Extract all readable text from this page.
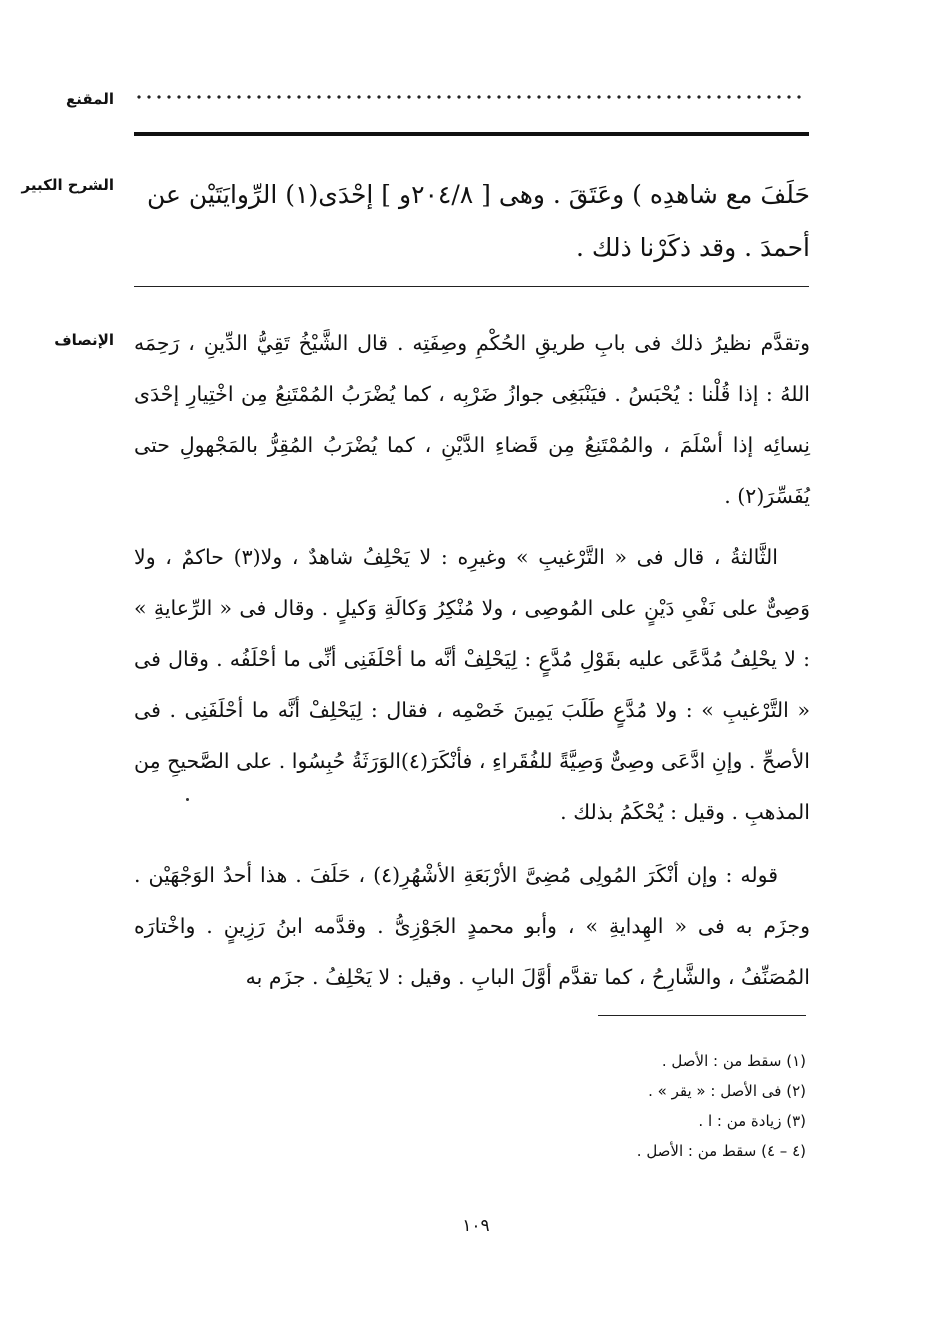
المقنع
الشرح الكبير	حَلَفَ مع شاهدِه ) وعَتَقَ . وهى [ ٢٠٤/٨و ] إحْدَى(١) الرِّوايَتَيْن عن
أحمدَ . وقد ذكَرْنا ذلك .
الإنصاف وتقدَّم نظيرُ ذلك فى بابِ طريقِ الحُكْمِ وصِفَتِه . قال الشَّيْخُ تَقِيُّ الدِّينِ ، رَحِمَه اللهُ : إذا قُلْنا : يُحْبَسُ . فيَنْبَغِى جوازُ ضَرْبِه ، كما يُضْرَبُ المُمْتَنِعُ مِن اخْتِيارِ إحْدَى نِسائِه إذا أسْلَمَ ، والمُمْتَنِعُ مِن قَضاءِ الدَّيْنِ ، كما يُضْرَبُ المُقِرُّ بالمَجْهولِ حتى يُفَسِّرَ(٢) .

الثَّالثةُ ، قال فى « التَّرْغيبِ » وغيرِه : لا يَحْلِفُ شاهدٌ ، ولا(٣) حاكمٌ ، ولا وَصِىٌّ على نَفْىِ دَيْنٍ على المُوصِى ، ولا مُنْكِرُ وَكالَةِ وَكيلٍ . وقال فى « الرِّعايةِ » : لا يحْلِفُ مُدَّعًى عليه بقَوْلِ مُدَّعٍ : لِيَحْلِفْ أنَّه ما أحْلَفَنِى أنِّى ما أحْلَفُه . وقال فى « التَّرْغيبِ » : ولا مُدَّعٍ طَلَبَ يَمِينَ خَصْمِه ، فقال : لِيَحْلِفْ أنَّه ما أحْلَفَنِى . فى الأصحِّ . وإنِ ادَّعَى وصِىٌّ وَصِيَّةً للفُقَراءِ ، فأنْكَرَ(٤)الوَرَثَةُ حُبِسُوا . على الصَّحيحِ مِن المذهبِ . وقيل : يُحْكَمُ بذلك .

قوله : وإن أنْكَرَ المُولِى مُضِىَّ الأرْبَعَةِ الأشْهُرِ(٤) ، حَلَفَ . هذا أحدُ الوَجْهَيْن . وجزَم به فى « الهِدايةِ » ، وأبو محمدٍ الجَوْزِىُّ . وقدَّمه ابنُ رَزِينٍ . واخْتارَه المُصَنِّفُ ، والشَّارِحُ ، كما تقدَّم أوَّلَ البابِ . وقيل : لا يَحْلِفُ . جزَم به

(١) سقط من : الأصل .

(٢) فى الأصل : « يقر » .

(٣) زيادة من : ا .

(٤ – ٤) سقط من : الأصل .

١٠٩
